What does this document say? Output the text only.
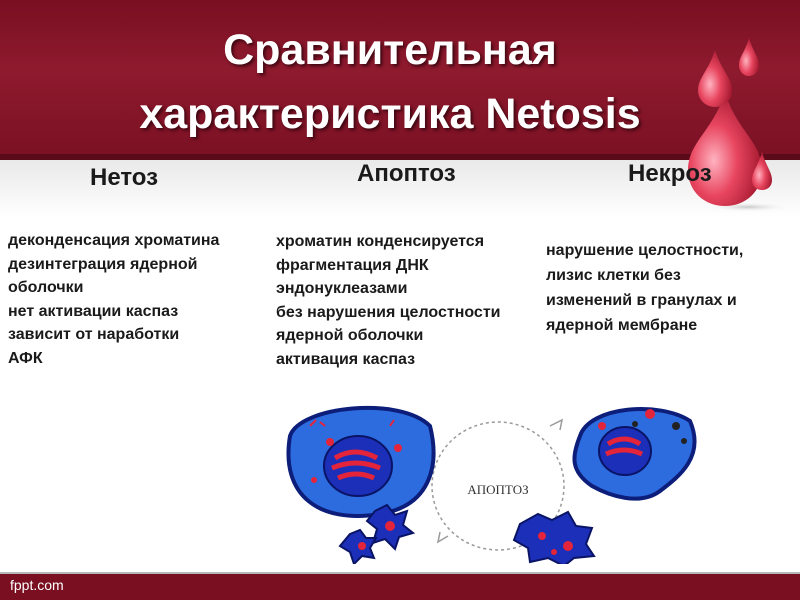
Сравнительная
характеристика Netosis
Нетоз	Апоптоз	Некроз
деконденсация хроматина
дезинтеграция ядерной
оболочки
нет активации каспаз
зависит от наработки
АФК
хроматин конденсируется
фрагментация ДНК
эндонуклеазами
без нарушения целостности
ядерной оболочки
активация каспаз
нарушение целостности,
лизис клетки без
изменений в гранулах и
ядерной мембране
АПОПТОЗ
fppt.com
